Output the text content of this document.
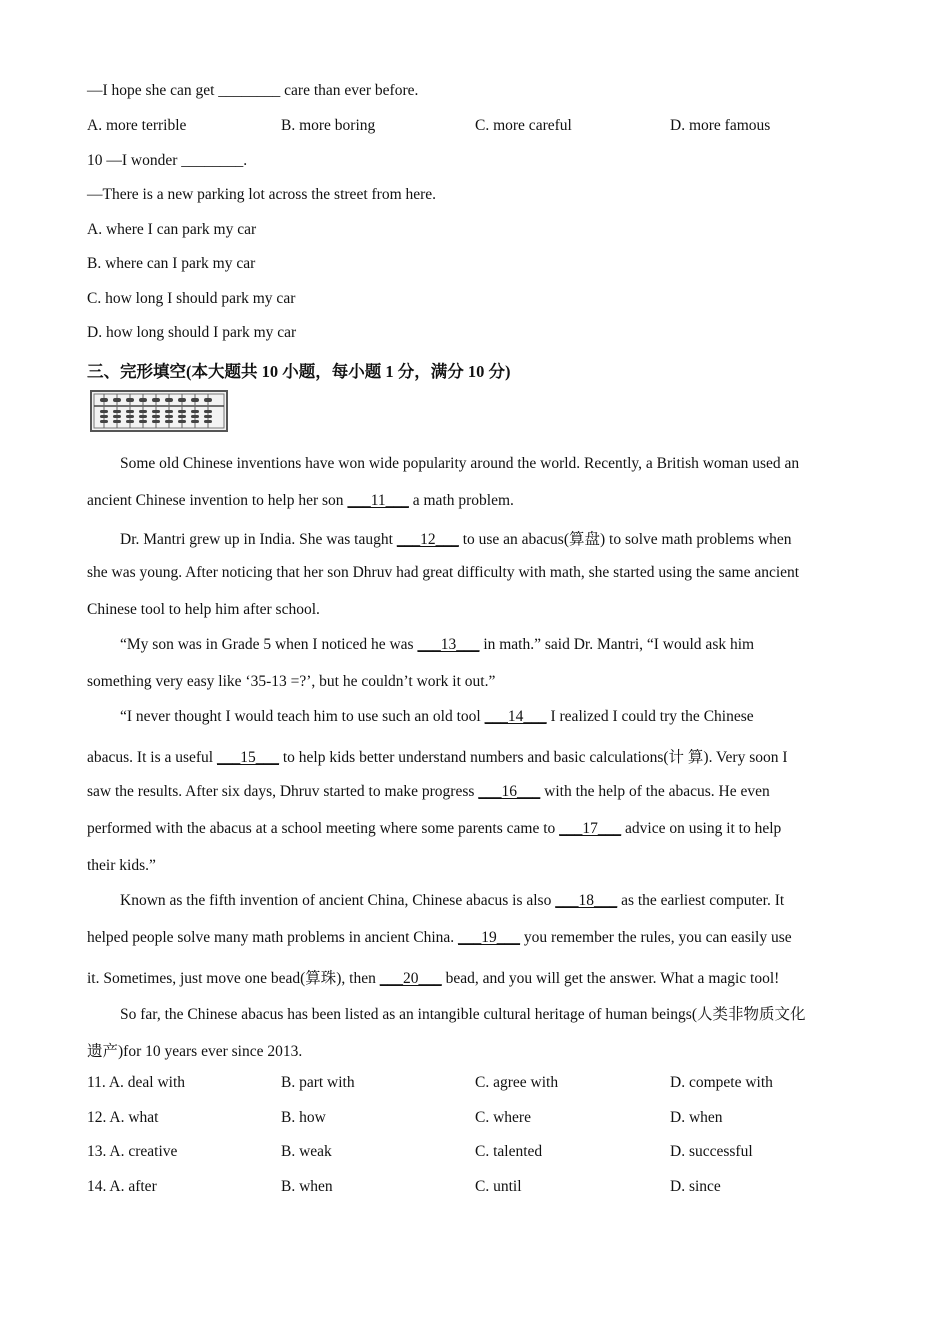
—I hope she can get ________ care than ever before.
A. more terrible	B. more boring	C. more careful	D. more famous
10 —I wonder ________.
—There is a new parking lot across the street from here.
A. where I can park my car
B. where can I park my car
C. how long I should park my car
D. how long should I park my car
三、完形填空(本大题共 10 小题，每小题 1 分，满分 10 分)
Some old Chinese inventions have won wide popularity around the world. Recently, a British woman used an
ancient Chinese invention to help her son ___11___ a math problem.
Dr. Mantri grew up in India. She was taught ___12___ to use an abacus(算盘) to solve math problems when
she was young. After noticing that her son Dhruv had great difficulty with math, she started using the same ancient
Chinese tool to help him after school.
“My son was in Grade 5 when I noticed he was ___13___ in math.” said Dr. Mantri, “I would ask him
something very easy like ‘35-13 =?’, but he couldn’t work it out.”
“I never thought I would teach him to use such an old tool ___14___ I realized I could try the Chinese
abacus. It is a useful ___15___ to help kids better understand numbers and basic calculations(计 算). Very soon I
saw the results. After six days, Dhruv started to make progress ___16___ with the help of the abacus. He even
performed with the abacus at a school meeting where some parents came to ___17___ advice on using it to help
their kids.”
Known as the fifth invention of ancient China, Chinese abacus is also ___18___ as the earliest computer. It
helped people solve many math problems in ancient China. ___19___ you remember the rules, you can easily use
it. Sometimes, just move one bead(算珠), then ___20___ bead, and you will get the answer. What a magic tool!
So far, the Chinese abacus has been listed as an intangible cultural heritage of human beings(人类非物质文化
遗产)for 10 years ever since 2013.
11. A. deal with	B. part with	C. agree with	D. compete with
12. A. what	B. how	C. where	D. when
13. A. creative	B. weak	C. talented	D. successful
14. A. after	B. when	C. until	D. since
